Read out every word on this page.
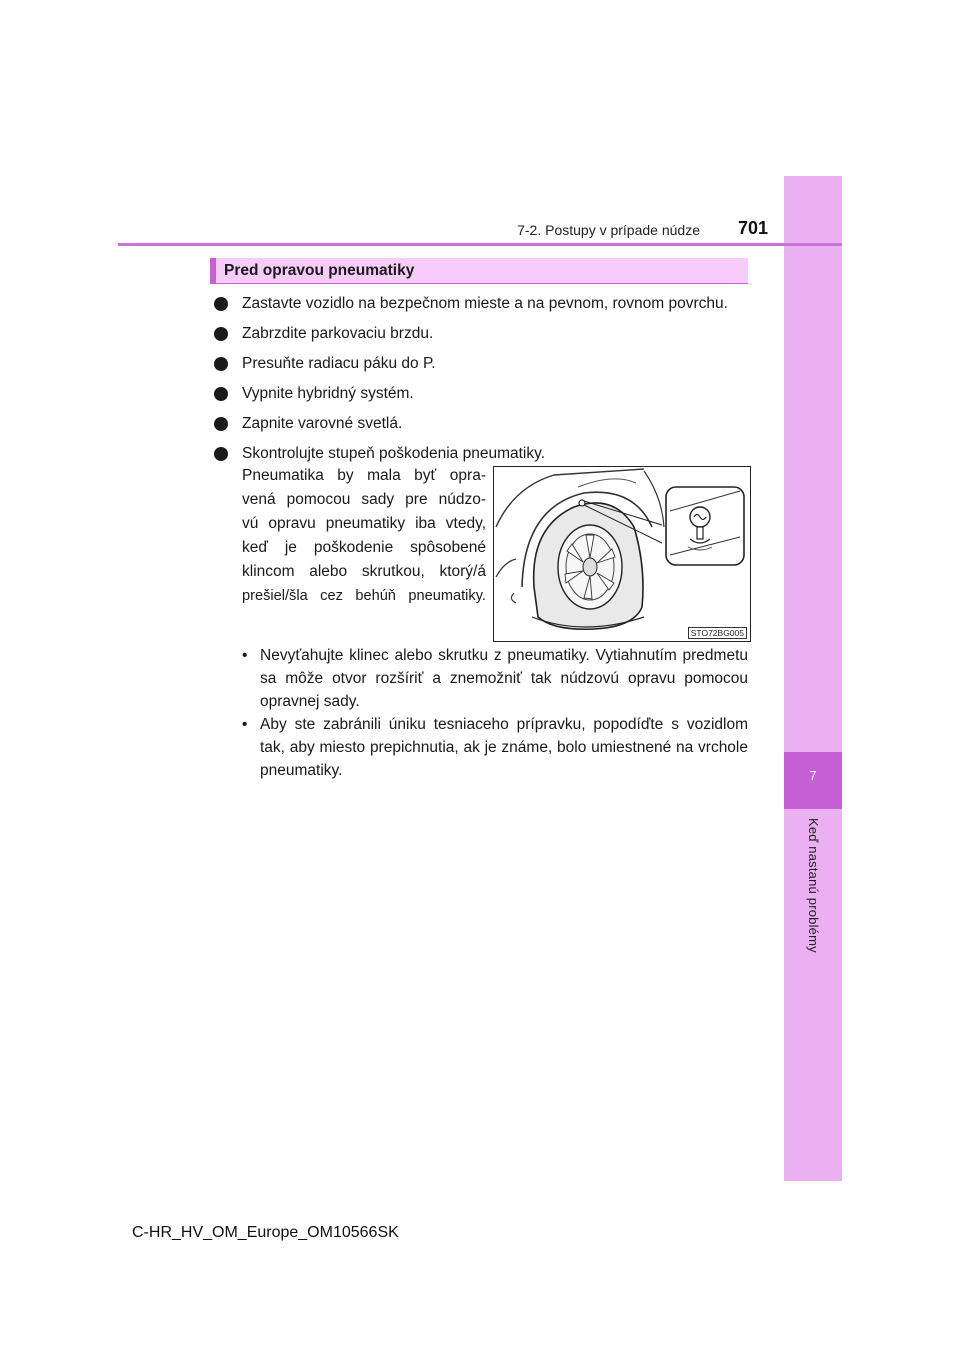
7
Keď nastanú problémy
7-2. Postupy v prípade núdze 701
Pred opravou pneumatiky
Zastavte vozidlo na bezpečnom mieste a na pevnom, rovnom povrchu.
Zabrzdite parkovaciu brzdu.
Presuňte radiacu páku do P.
Vypnite hybridný systém.
Zapnite varovné svetlá.
Skontrolujte stupeň poškodenia pneumatiky.
Pneumatika by mala byť opra-
vená pomocou sady pre núdzo-
vú opravu pneumatiky iba vtedy,
keď je poškodenie spôsobené
klincom alebo skrutkou, ktorý/á
prešiel/šla cez behúň pneumatiky.
STO72BG005
• Nevyťahujte klinec alebo skrutku z pneumatiky. Vytiahnutím predmetu sa môže otvor rozšíriť a znemožniť tak núdzovú opravu pomocou opravnej sady.
• Aby ste zabránili úniku tesniaceho prípravku, popodíďte s vozidlom tak, aby miesto prepichnutia, ak je známe, bolo umiestnené na vrchole pneumatiky.
C-HR_HV_OM_Europe_OM10566SK
